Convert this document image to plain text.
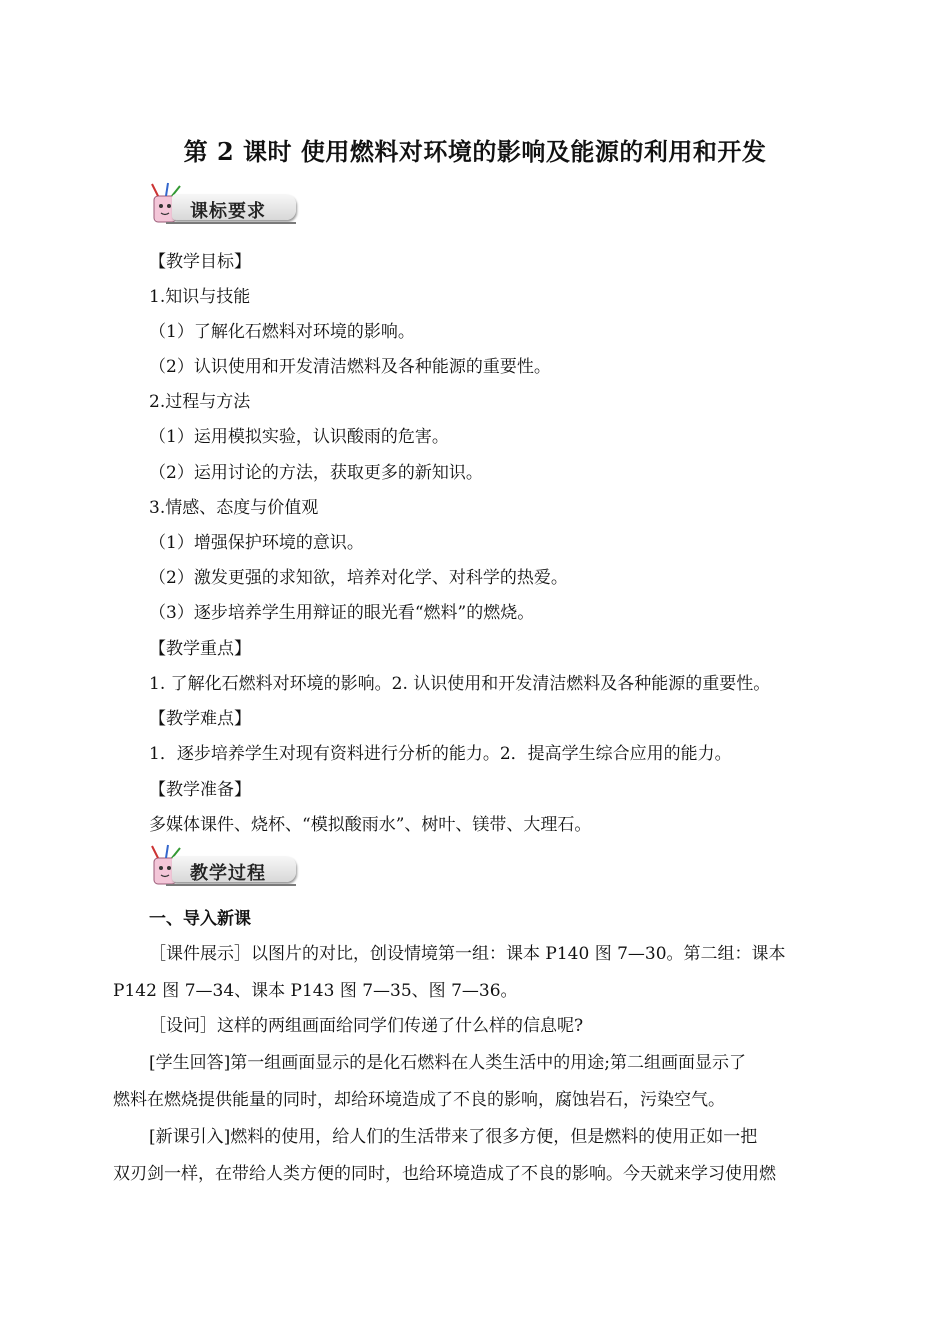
第 2 课时 使用燃料对环境的影响及能源的利用和开发
课标要求
【教学目标】
1.知识与技能
（1）了解化石燃料对环境的影响。
（2）认识使用和开发清洁燃料及各种能源的重要性。
2.过程与方法
（1）运用模拟实验，认识酸雨的危害。
（2）运用讨论的方法，获取更多的新知识。
3.情感、态度与价值观
（1）增强保护环境的意识。
（2）激发更强的求知欲，培养对化学、对科学的热爱。
（3）逐步培养学生用辩证的眼光看“燃料”的燃烧。
【教学重点】
1. 了解化石燃料对环境的影响。2. 认识使用和开发清洁燃料及各种能源的重要性。
【教学难点】
1．逐步培养学生对现有资料进行分析的能力。2．提高学生综合应用的能力。
【教学准备】
多媒体课件、烧杯、“模拟酸雨水”、树叶、镁带、大理石。
教学过程
一、导入新课
［课件展示］以图片的对比，创设情境第一组：课本 P140 图 7—30。第二组：课本
P142 图 7—34、课本 P143 图 7—35、图 7—36。
［设问］这样的两组画面给同学们传递了什么样的信息呢?
[学生回答]第一组画面显示的是化石燃料在人类生活中的用途;第二组画面显示了
燃料在燃烧提供能量的同时，却给环境造成了不良的影响，腐蚀岩石，污染空气。
[新课引入]燃料的使用，给人们的生活带来了很多方便，但是燃料的使用正如一把
双刃剑一样，在带给人类方便的同时，也给环境造成了不良的影响。今天就来学习使用燃
